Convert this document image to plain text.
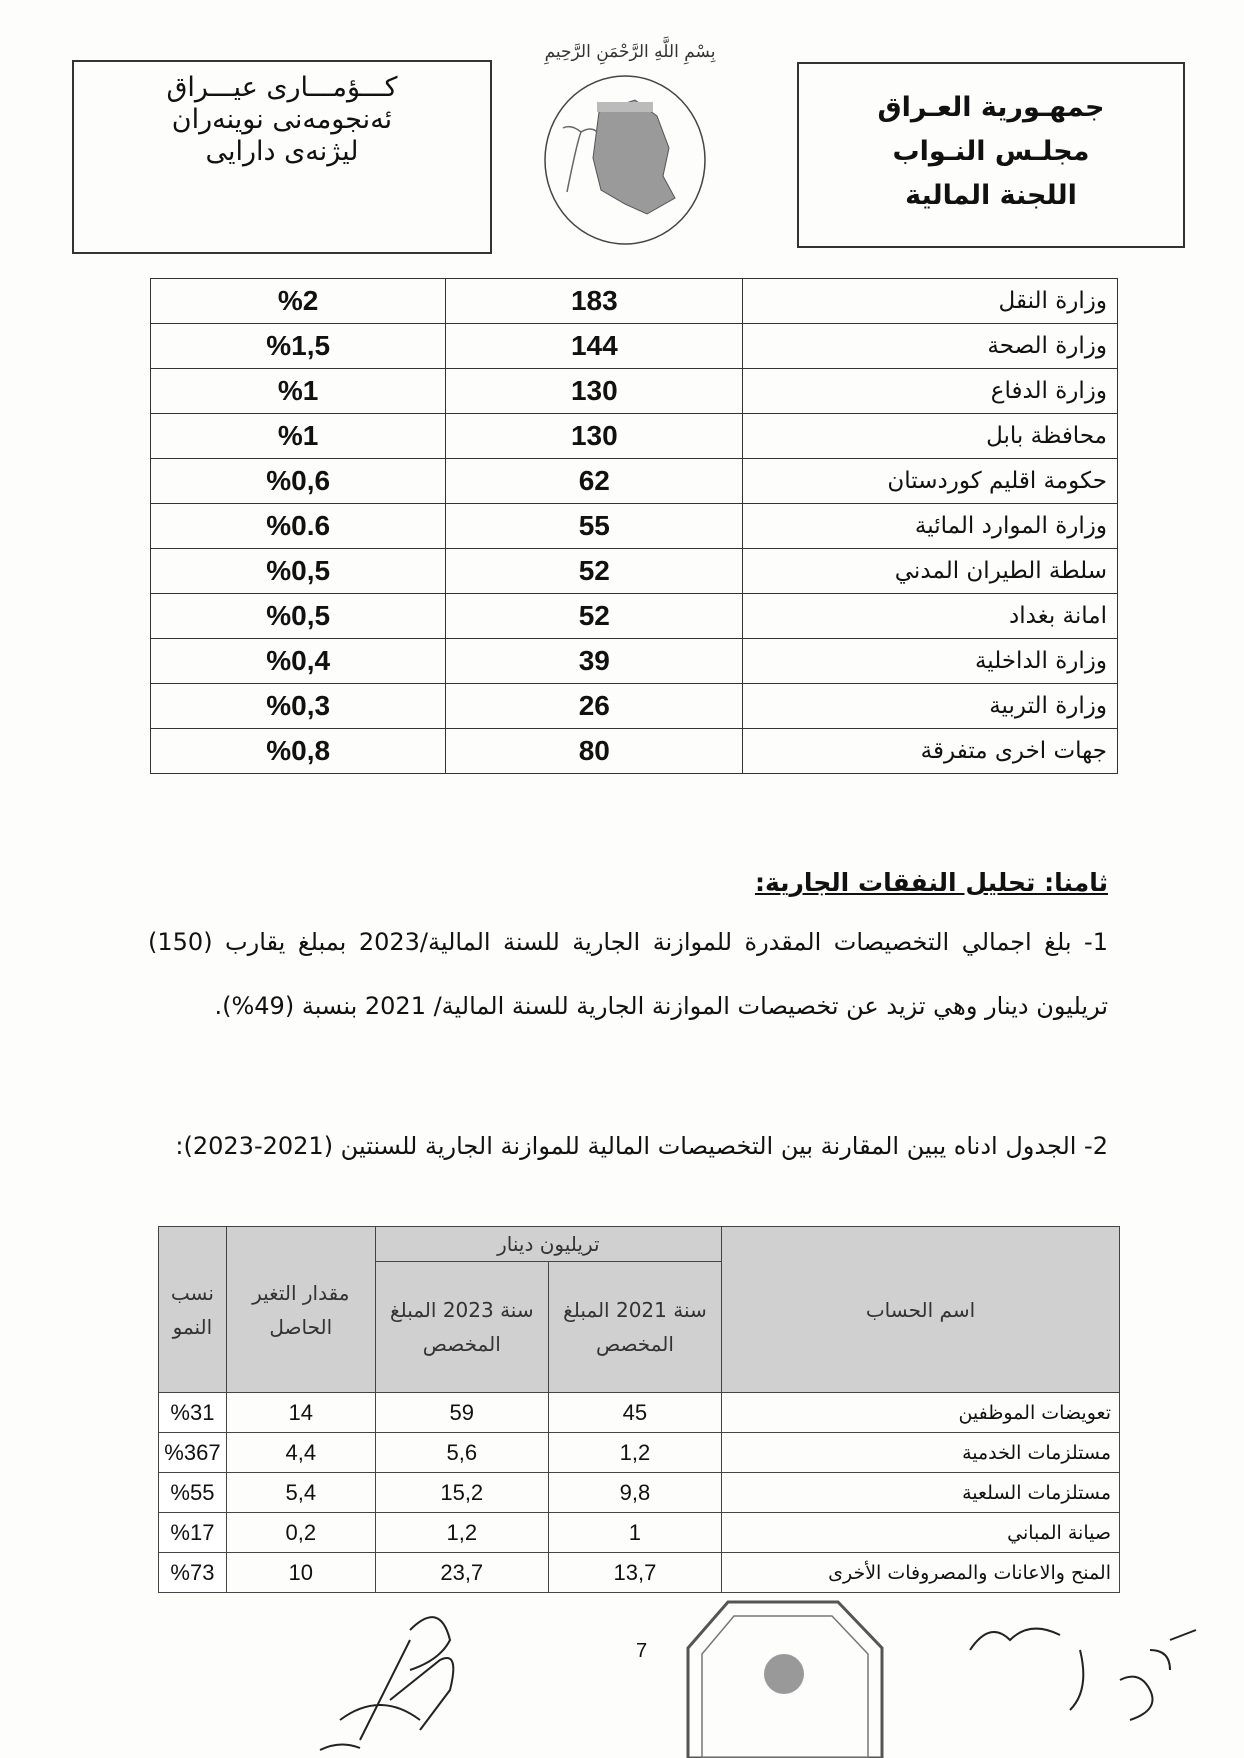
جمهـورية العـراق
مجلـس النـواب
اللجنة المالية
كـــؤمـــارى عيـــراق
ئەنجومەنى نوينەران
ليژنەى دارايى
بِسْمِ اللَّهِ الرَّحْمَنِ الرَّحِيمِ
%2	183	وزارة النقل
%1,5	144	وزارة الصحة
%1	130	وزارة الدفاع
%1	130	محافظة بابل
%0,6	62	حكومة اقليم كوردستان
%0.6	55	وزارة الموارد المائية
%0,5	52	سلطة الطيران المدني
%0,5	52	امانة بغداد
%0,4	39	وزارة الداخلية
%0,3	26	وزارة التربية
%0,8	80	جهات اخرى متفرقة
ثامنا: تحليل النفقات الجارية:
1- بلغ اجمالي التخصيصات المقدرة للموازنة الجارية للسنة المالية/2023 بمبلغ يقارب (150) تريليون دينار وهي تزيد عن تخصيصات الموازنة الجارية للسنة المالية/ 2021 بنسبة (49%).
2- الجدول ادناه يبين المقارنة بين التخصيصات المالية للموازنة الجارية للسنتين (2021-2023):
نسب النمو	مقدار التغير الحاصل	تريليون دينار		اسم الحساب
		سنة 2023 المبلغ المخصص	سنة 2021 المبلغ المخصص	
%31	14	59	45	تعويضات الموظفين
%367	4,4	5,6	1,2	مستلزمات الخدمية
%55	5,4	15,2	9,8	مستلزمات السلعية
%17	0,2	1,2	1	صيانة المباني
%73	10	23,7	13,7	المنح والاعانات والمصروفات الأخرى
7
